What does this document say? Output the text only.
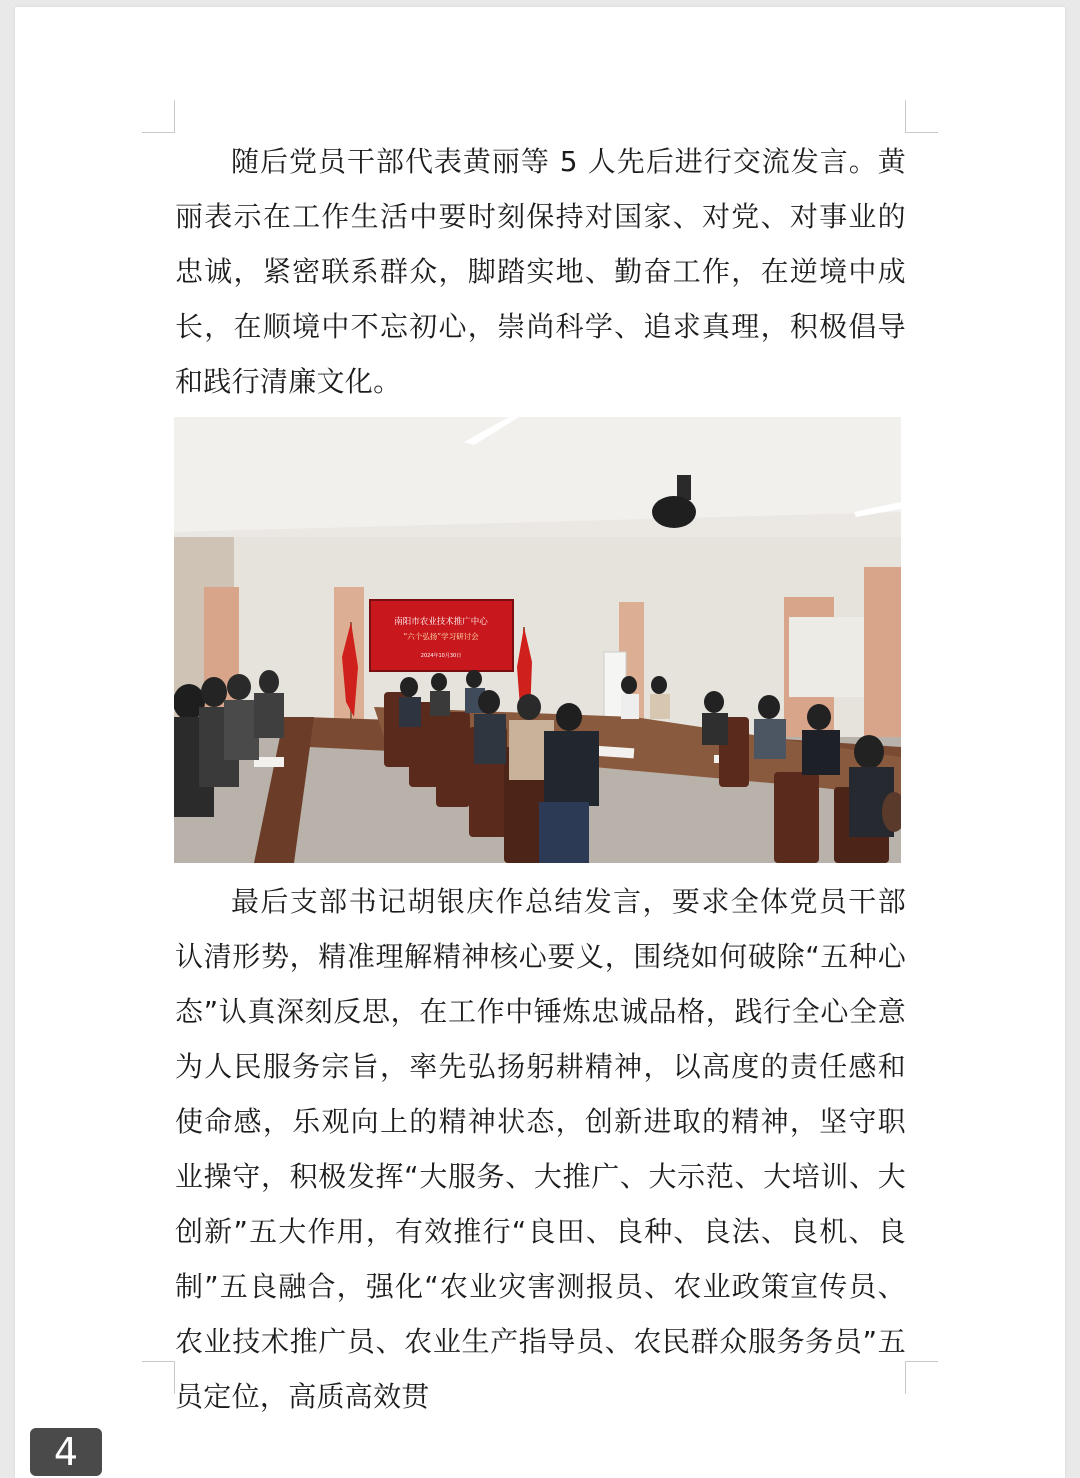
随后党员干部代表黄丽等 5 人先后进行交流发言。黄丽表示在工作生活中要时刻保持对国家、对党、对事业的忠诚，紧密联系群众，脚踏实地、勤奋工作，在逆境中成长，在顺境中不忘初心，崇尚科学、追求真理，积极倡导和践行清廉文化。

南阳市农业技术推广中心
“六个弘扬”学习研讨会
2024年10月30日

最后支部书记胡银庆作总结发言，要求全体党员干部认清形势，精准理解精神核心要义，围绕如何破除“五种心态”认真深刻反思，在工作中锤炼忠诚品格，践行全心全意为人民服务宗旨，率先弘扬躬耕精神，以高度的责任感和使命感，乐观向上的精神状态，创新进取的精神，坚守职业操守，积极发挥“大服务、大推广、大示范、大培训、大创新”五大作用，有效推行“良田、良种、良法、良机、良制”五良融合，强化“农业灾害测报员、农业政策宣传员、农业技术推广员、农业生产指导员、农民群众服务务员”五员定位，高质高效贯

4
